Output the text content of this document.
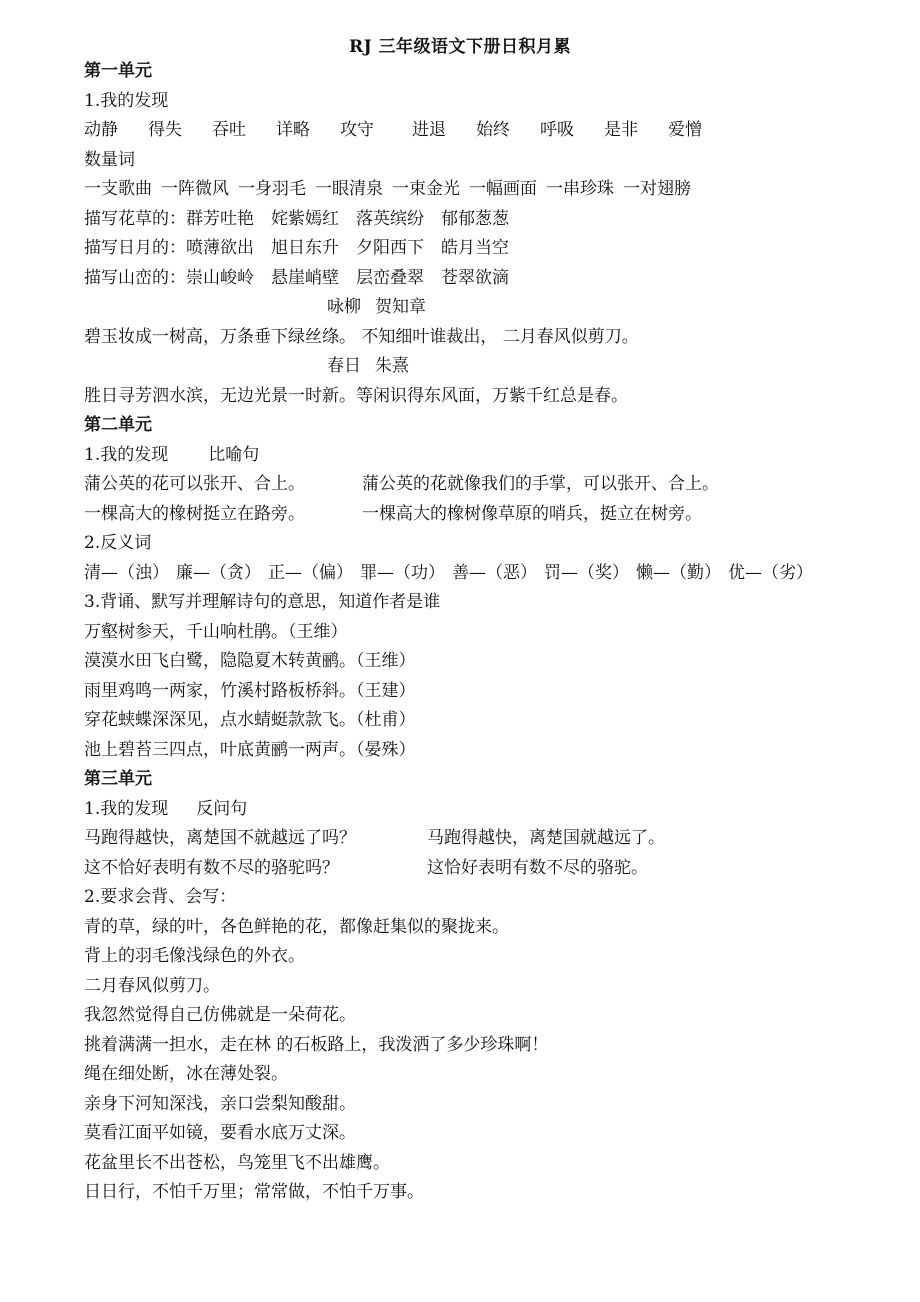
RJ 三年级语文下册日积月累
第一单元
1.我的发现
动静 得失 吞吐 详略 攻守 进退 始终 呼吸 是非 爱憎
数量词
一支歌曲 一阵微风 一身羽毛 一眼清泉 一束金光 一幅画面 一串珍珠 一对翅膀
描写花草的：群芳吐艳　姹紫嫣红　落英缤纷　郁郁葱葱
描写日月的：喷薄欲出　旭日东升　夕阳西下　皓月当空
描写山峦的：崇山峻岭　悬崖峭壁　层峦叠翠　苍翠欲滴
咏柳 贺知章
碧玉妆成一树高，万条垂下绿丝绦。 不知细叶谁裁出， 二月春风似剪刀。
春日 朱熹
胜日寻芳泗水滨，无边光景一时新。等闲识得东风面，万紫千红总是春。
第二单元
1.我的发现 比喻句
蒲公英的花可以张开、合上。	蒲公英的花就像我们的手掌，可以张开、合上。
一棵高大的橡树挺立在路旁。	一棵高大的橡树像草原的哨兵，挺立在树旁。
2.反义词
清—（浊） 廉—（贪） 正—（偏） 罪—（功） 善—（恶） 罚—（奖） 懒—（勤） 优—（劣）
3.背诵、默写并理解诗句的意思，知道作者是谁
万壑树参天，千山响杜鹃。（王维）
漠漠水田飞白鹭，隐隐夏木转黄鹂。（王维）
雨里鸡鸣一两家，竹溪村路板桥斜。（王建）
穿花蛱蝶深深见，点水蜻蜓款款飞。（杜甫）
池上碧苔三四点，叶底黄鹂一两声。（晏殊）
第三单元
1.我的发现 反问句
马跑得越快，离楚国不就越远了吗？	马跑得越快，离楚国就越远了。
这不恰好表明有数不尽的骆驼吗？	这恰好表明有数不尽的骆驼。
2.要求会背、会写：
青的草，绿的叶，各色鲜艳的花，都像赶集似的聚拢来。
背上的羽毛像浅绿色的外衣。
二月春风似剪刀。
我忽然觉得自己仿佛就是一朵荷花。
挑着满满一担水，走在林 的石板路上，我泼洒了多少珍珠啊！
绳在细处断，冰在薄处裂。
亲身下河知深浅，亲口尝梨知酸甜。
莫看江面平如镜，要看水底万丈深。
花盆里长不出苍松，鸟笼里飞不出雄鹰。
日日行，不怕千万里；常常做，不怕千万事。
